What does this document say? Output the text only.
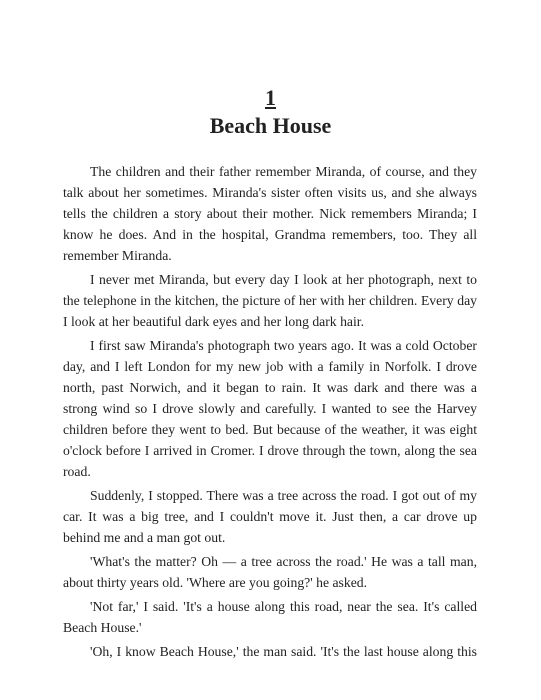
1
Beach House

The children and their father remember Miranda, of course, and they talk about her sometimes. Miranda's sister often visits us, and she always tells the children a story about their mother. Nick remembers Miranda; I know he does. And in the hospital, Grandma remembers, too. They all remember Miranda.

I never met Miranda, but every day I look at her photograph, next to the telephone in the kitchen, the picture of her with her children. Every day I look at her beautiful dark eyes and her long dark hair.

I first saw Miranda's photograph two years ago. It was a cold October day, and I left London for my new job with a family in Norfolk. I drove north, past Norwich, and it began to rain. It was dark and there was a strong wind so I drove slowly and carefully. I wanted to see the Harvey children before they went to bed. But because of the weather, it was eight o'clock before I arrived in Cromer. I drove through the town, along the sea road.

Suddenly, I stopped. There was a tree across the road. I got out of my car. It was a big tree, and I couldn't move it. Just then, a car drove up behind me and a man got out.

'What's the matter? Oh — a tree across the road.' He was a tall man, about thirty years old. 'Where are you going?' he asked.

'Not far,' I said. 'It's a house along this road, near the sea. It's called Beach House.'

'Oh, I know Beach House,' the man said. 'It's the last house along this
